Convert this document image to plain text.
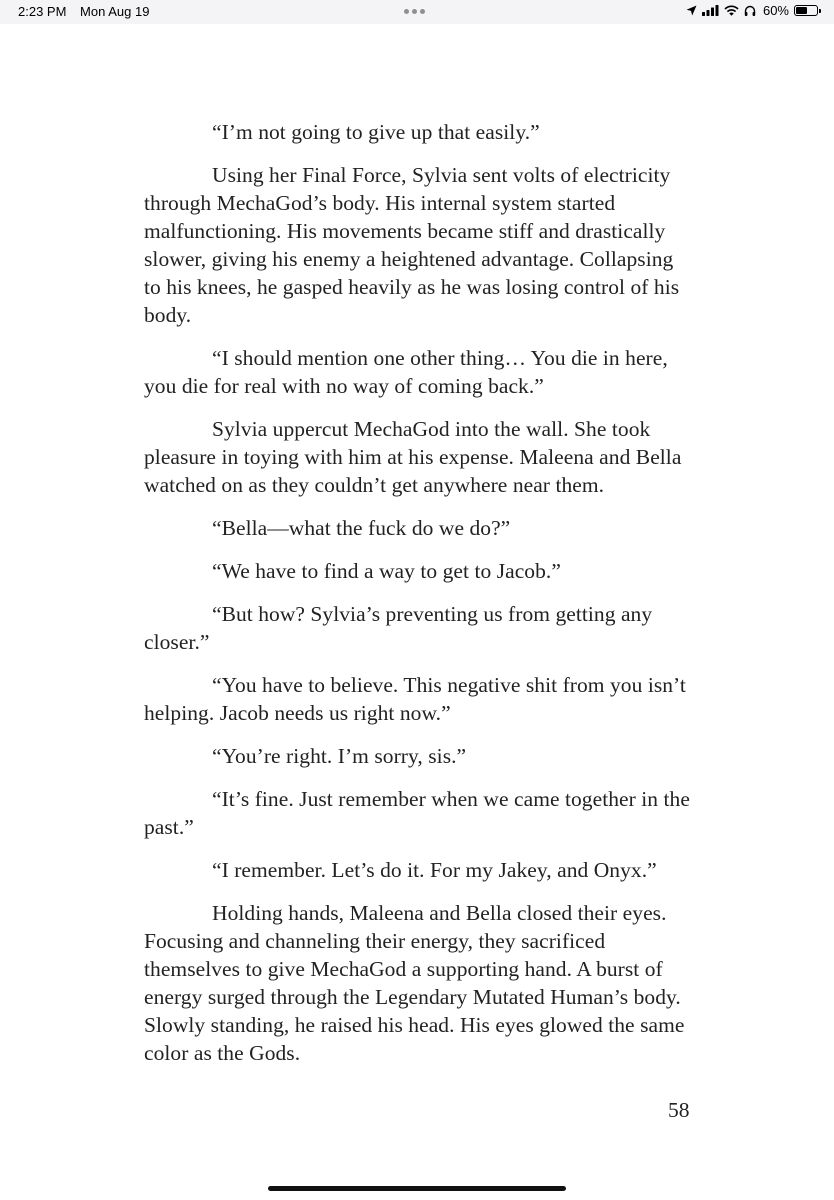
2:23 PM Mon Aug 19	60%

“I’m not going to give up that easily.”

Using her Final Force, Sylvia sent volts of electricity through MechaGod’s body. His internal system started malfunctioning. His movements became stiff and drastically slower, giving his enemy a heightened advantage. Collapsing to his knees, he gasped heavily as he was losing control of his body.

“I should mention one other thing… You die in here, you die for real with no way of coming back.”

Sylvia uppercut MechaGod into the wall. She took pleasure in toying with him at his expense. Maleena and Bella watched on as they couldn’t get anywhere near them.

“Bella—what the fuck do we do?”

“We have to find a way to get to Jacob.”

“But how? Sylvia’s preventing us from getting any closer.”

“You have to believe. This negative shit from you isn’t helping. Jacob needs us right now.”

“You’re right. I’m sorry, sis.”

“It’s fine. Just remember when we came together in the past.”

“I remember. Let’s do it. For my Jakey, and Onyx.”

Holding hands, Maleena and Bella closed their eyes. Focusing and channeling their energy, they sacrificed themselves to give MechaGod a supporting hand. A burst of energy surged through the Legendary Mutated Human’s body. Slowly standing, he raised his head. His eyes glowed the same color as the Gods.

58
